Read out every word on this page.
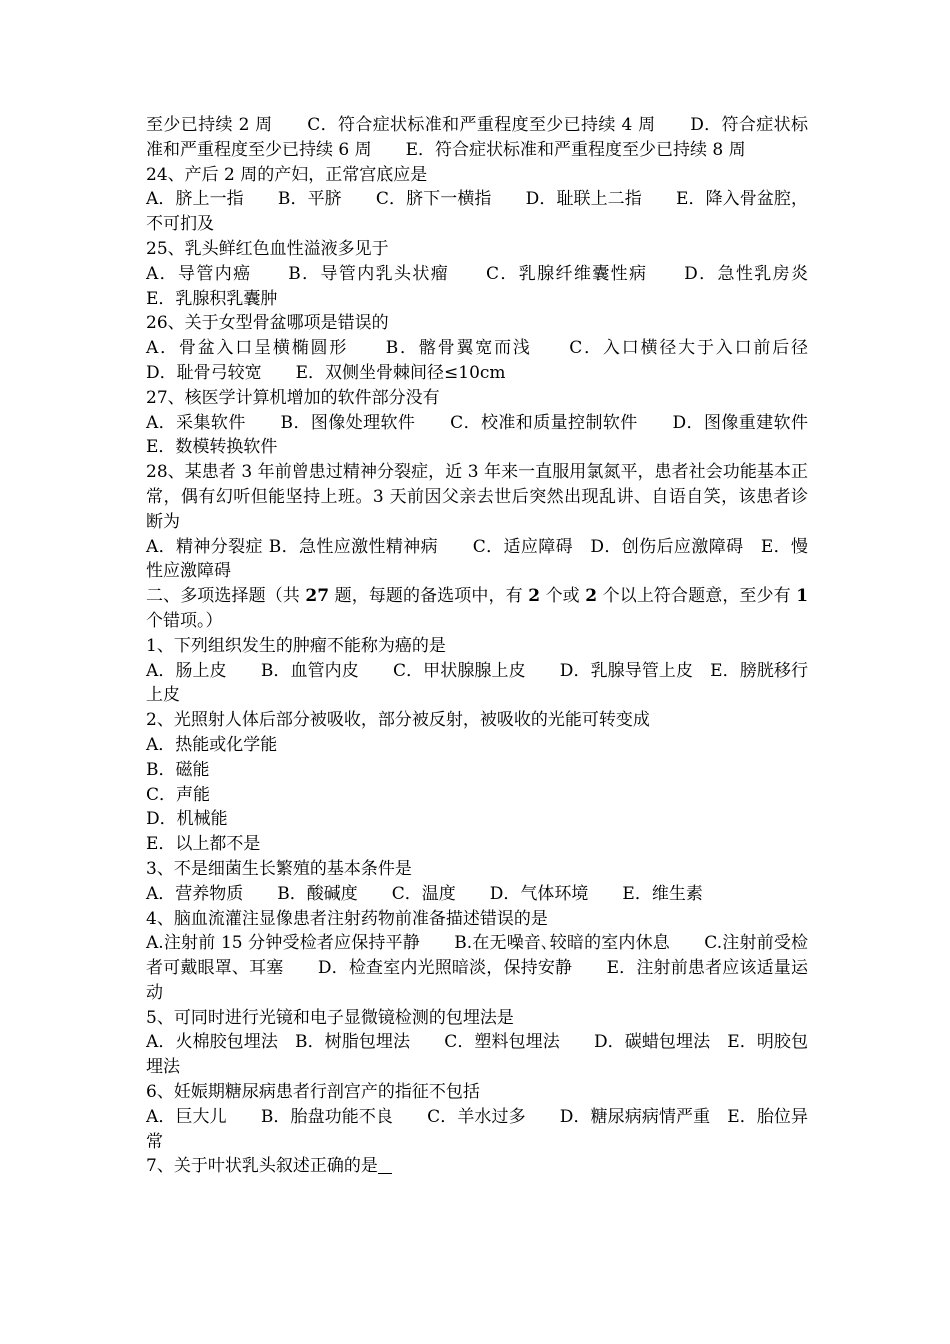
至少已持续 2 周　　C．符合症状标准和严重程度至少已持续 4 周　　D．符合症状标准和严重程度至少已持续 6 周　　E．符合症状标准和严重程度至少已持续 8 周

24、产后 2 周的产妇，正常宫底应是

A．脐上一指　　B．平脐　　C．脐下一横指　　D．耻联上二指　　E．降入骨盆腔，不可扪及

25、乳头鲜红色血性溢液多见于

A．导管内癌　　B．导管内乳头状瘤　　C．乳腺纤维囊性病　　D．急性乳房炎　　E．乳腺积乳囊肿

26、关于女型骨盆哪项是错误的

A．骨盆入口呈横椭圆形　　B．髂骨翼宽而浅　　C．入口横径大于入口前后径　　D．耻骨弓较宽　　E．双侧坐骨棘间径≤10cm

27、核医学计算机增加的软件部分没有

A．采集软件　　B．图像处理软件　　C．校准和质量控制软件　　D．图像重建软件　　E．数模转换软件

28、某患者 3 年前曾患过精神分裂症，近 3 年来一直服用氯氮平，患者社会功能基本正常，偶有幻听但能坚持上班。3 天前因父亲去世后突然出现乱讲、自语自笑，该患者诊断为

A．精神分裂症 B．急性应激性精神病　　C．适应障碍　D．创伤后应激障碍　E．慢性应激障碍

二、多项选择题（共 27 题，每题的备选项中，有 2 个或 2 个以上符合题意，至少有 1 个错项。）

1、下列组织发生的肿瘤不能称为癌的是

A．肠上皮　　B．血管内皮　　C．甲状腺腺上皮　　D．乳腺导管上皮　E．膀胱移行上皮

2、光照射人体后部分被吸收，部分被反射，被吸收的光能可转变成

A．热能或化学能

B．磁能

C．声能

D．机械能

E．以上都不是

3、不是细菌生长繁殖的基本条件是

A．营养物质　　B．酸碱度　　C．温度　　D．气体环境　　E．维生素

4、脑血流灌注显像患者注射药物前准备描述错误的是

A.注射前 15 分钟受检者应保持平静　　B.在无噪音､较暗的室内休息　　C.注射前受检者可戴眼罩、耳塞　　D．检查室内光照暗淡，保持安静　　E．注射前患者应该适量运动

5、可同时进行光镜和电子显微镜检测的包埋法是

A．火棉胶包埋法　B．树脂包埋法　　C．塑料包埋法　　D．碳蜡包埋法　E．明胶包埋法

6、妊娠期糖尿病患者行剖宫产的指征不包括

A．巨大儿　　B．胎盘功能不良　　C．羊水过多　　D．糖尿病病情严重　E．胎位异常

7、关于叶状乳头叙述正确的是
